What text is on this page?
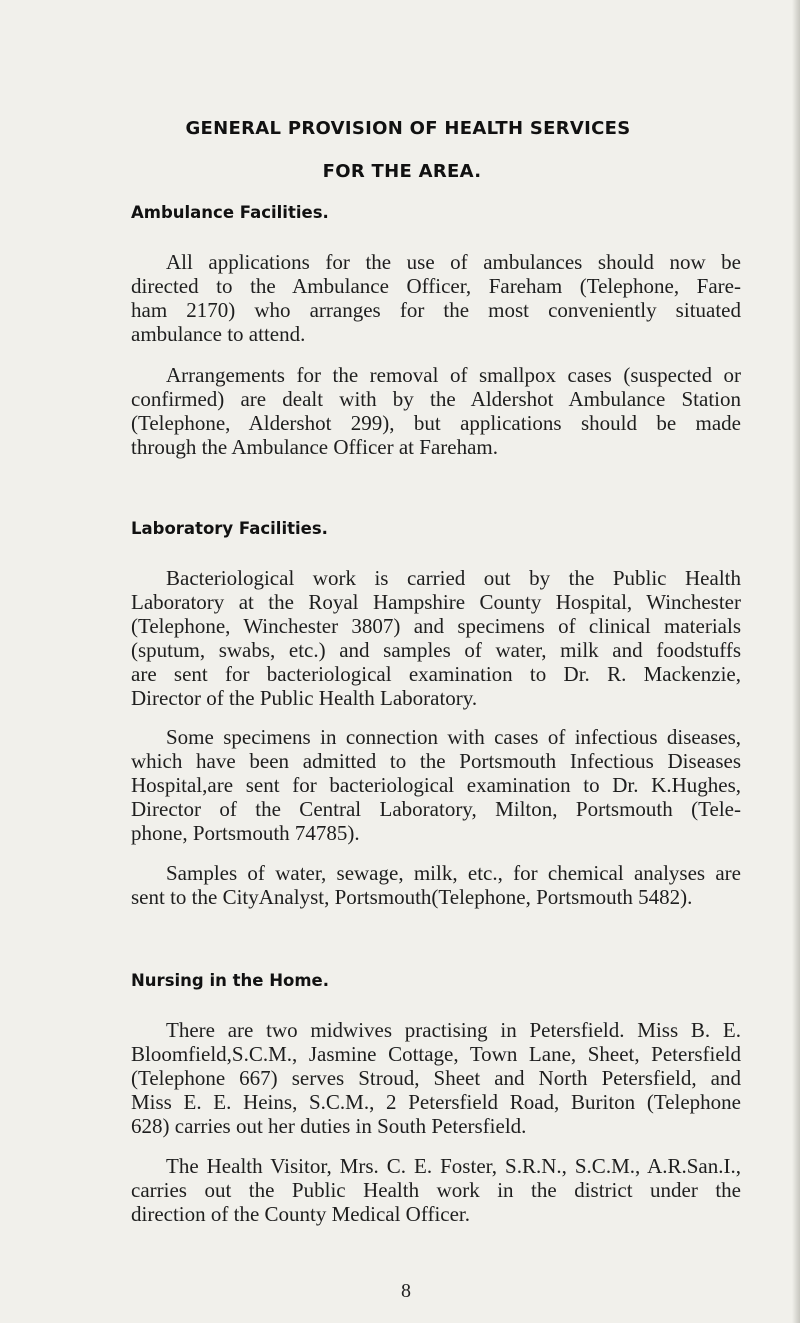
GENERAL PROVISION OF HEALTH SERVICES
FOR THE AREA.
Ambulance Facilities.
All applications for the use of ambulances should now be
directed to the Ambulance Officer, Fareham (Telephone, Fare-
ham 2170) who arranges for the most conveniently situated
ambulance to attend.
Arrangements for the removal of smallpox cases (suspected or
confirmed) are dealt with by the Aldershot Ambulance Station
(Telephone, Aldershot 299), but applications should be made
through the Ambulance Officer at Fareham.
Laboratory Facilities.
Bacteriological work is carried out by the Public Health
Laboratory at the Royal Hampshire County Hospital, Winchester
(Telephone, Winchester 3807) and specimens of clinical materials
(sputum, swabs, etc.) and samples of water, milk and foodstuffs
are sent for bacteriological examination to Dr. R. Mackenzie,
Director of the Public Health Laboratory.
Some specimens in connection with cases of infectious diseases,
which have been admitted to the Portsmouth Infectious Diseases
Hospital,are sent for bacteriological examination to Dr. K.Hughes,
Director of the Central Laboratory, Milton, Portsmouth (Tele-
phone, Portsmouth 74785).
Samples of water, sewage, milk, etc., for chemical analyses are
sent to the CityAnalyst, Portsmouth(Telephone, Portsmouth 5482).
Nursing in the Home.
There are two midwives practising in Petersfield. Miss B. E.
Bloomfield,S.C.M., Jasmine Cottage, Town Lane, Sheet, Petersfield
(Telephone 667) serves Stroud, Sheet and North Petersfield, and
Miss E. E. Heins, S.C.M., 2 Petersfield Road, Buriton (Telephone
628) carries out her duties in South Petersfield.
The Health Visitor, Mrs. C. E. Foster, S.R.N., S.C.M., A.R.San.I.,
carries out the Public Health work in the district under the
direction of the County Medical Officer.
8
